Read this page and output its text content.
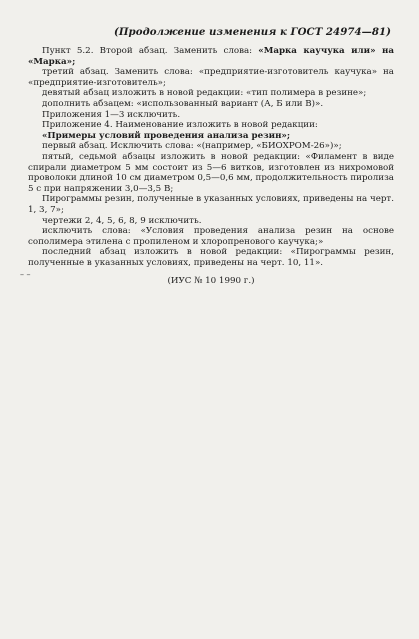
(Продолжение изменения к ГОСТ 24974—81)

Пункт 5.2. Второй абзац. Заменить слова: «Марка каучука или» на «Марка»;

третий абзац. Заменить слова: «предприятие-изготовитель каучука» на «предприятие-изготовитель»;

девятый абзац изложить в новой редакции: «тип полимера в резине»;

дополнить абзацем: «использованный вариант (А, Б или В)».

Приложения 1—3 исключить.

Приложение 4. Наименование изложить в новой редакции:

«Примеры условий проведения анализа резин»;

первый абзац. Исключить слова: «(например, «БИОХРОМ-26»)»;

пятый, седьмой абзацы изложить в новой редакции: «Филамент в виде спирали диаметром 5 мм состоит из 5—6 витков, изготовлен из нихромовой проволоки длиной 10 см диаметром 0,5—0,6 мм, продолжительность пиролиза 5 с при напряжении 3,0—3,5 В;

Пирограммы резин, полученные в указанных условиях, приведены на черт. 1, 3, 7»;

чертежи 2, 4, 5, 6, 8, 9 исключить.

исключить слова: «Условия проведения анализа резин на основе сополимера этилена с пропиленом и хлоропренового каучука;»

последний абзац изложить в новой редакции: «Пирограммы резин, полученные в указанных условиях, приведены на черт. 10, 11».

(ИУС № 10 1990 г.)

– –
